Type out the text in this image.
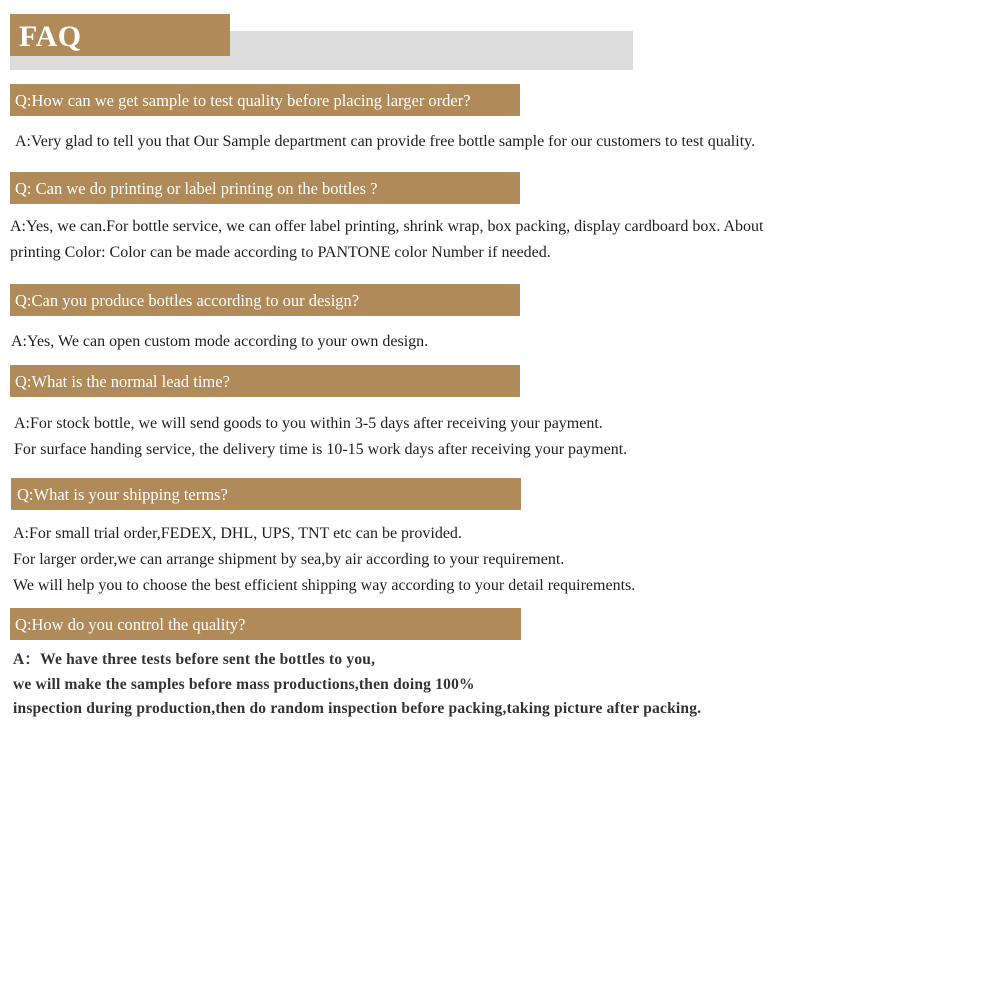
FAQ
Q:How can we get sample to test quality before placing larger order?
A:Very glad to tell you that Our Sample department can provide free bottle sample for our customers to test quality.
Q: Can we do printing or label printing on the bottles ?
A:Yes, we can.For bottle service, we can offer label printing, shrink wrap, box packing, display cardboard box. About
printing Color: Color can be made according to PANTONE color Number if needed.
Q:Can you produce bottles according to our design?
A:Yes, We can open custom mode according to your own design.
Q:What is the normal lead time?
A:For stock bottle, we will send goods to you within 3-5 days after receiving your payment.
For surface handing service, the delivery time is 10-15 work days after receiving your payment.
Q:What is your shipping terms?
A:For small trial order,FEDEX, DHL, UPS, TNT etc can be provided.
For larger order,we can arrange shipment by sea,by air according to your requirement.
We will help you to choose the best efficient shipping way according to your detail requirements.
Q:How do you control the quality?
A：We have three tests before sent the bottles to you,
we will make the samples before mass productions,then doing 100%
inspection during production,then do random inspection before packing,taking picture after packing.
